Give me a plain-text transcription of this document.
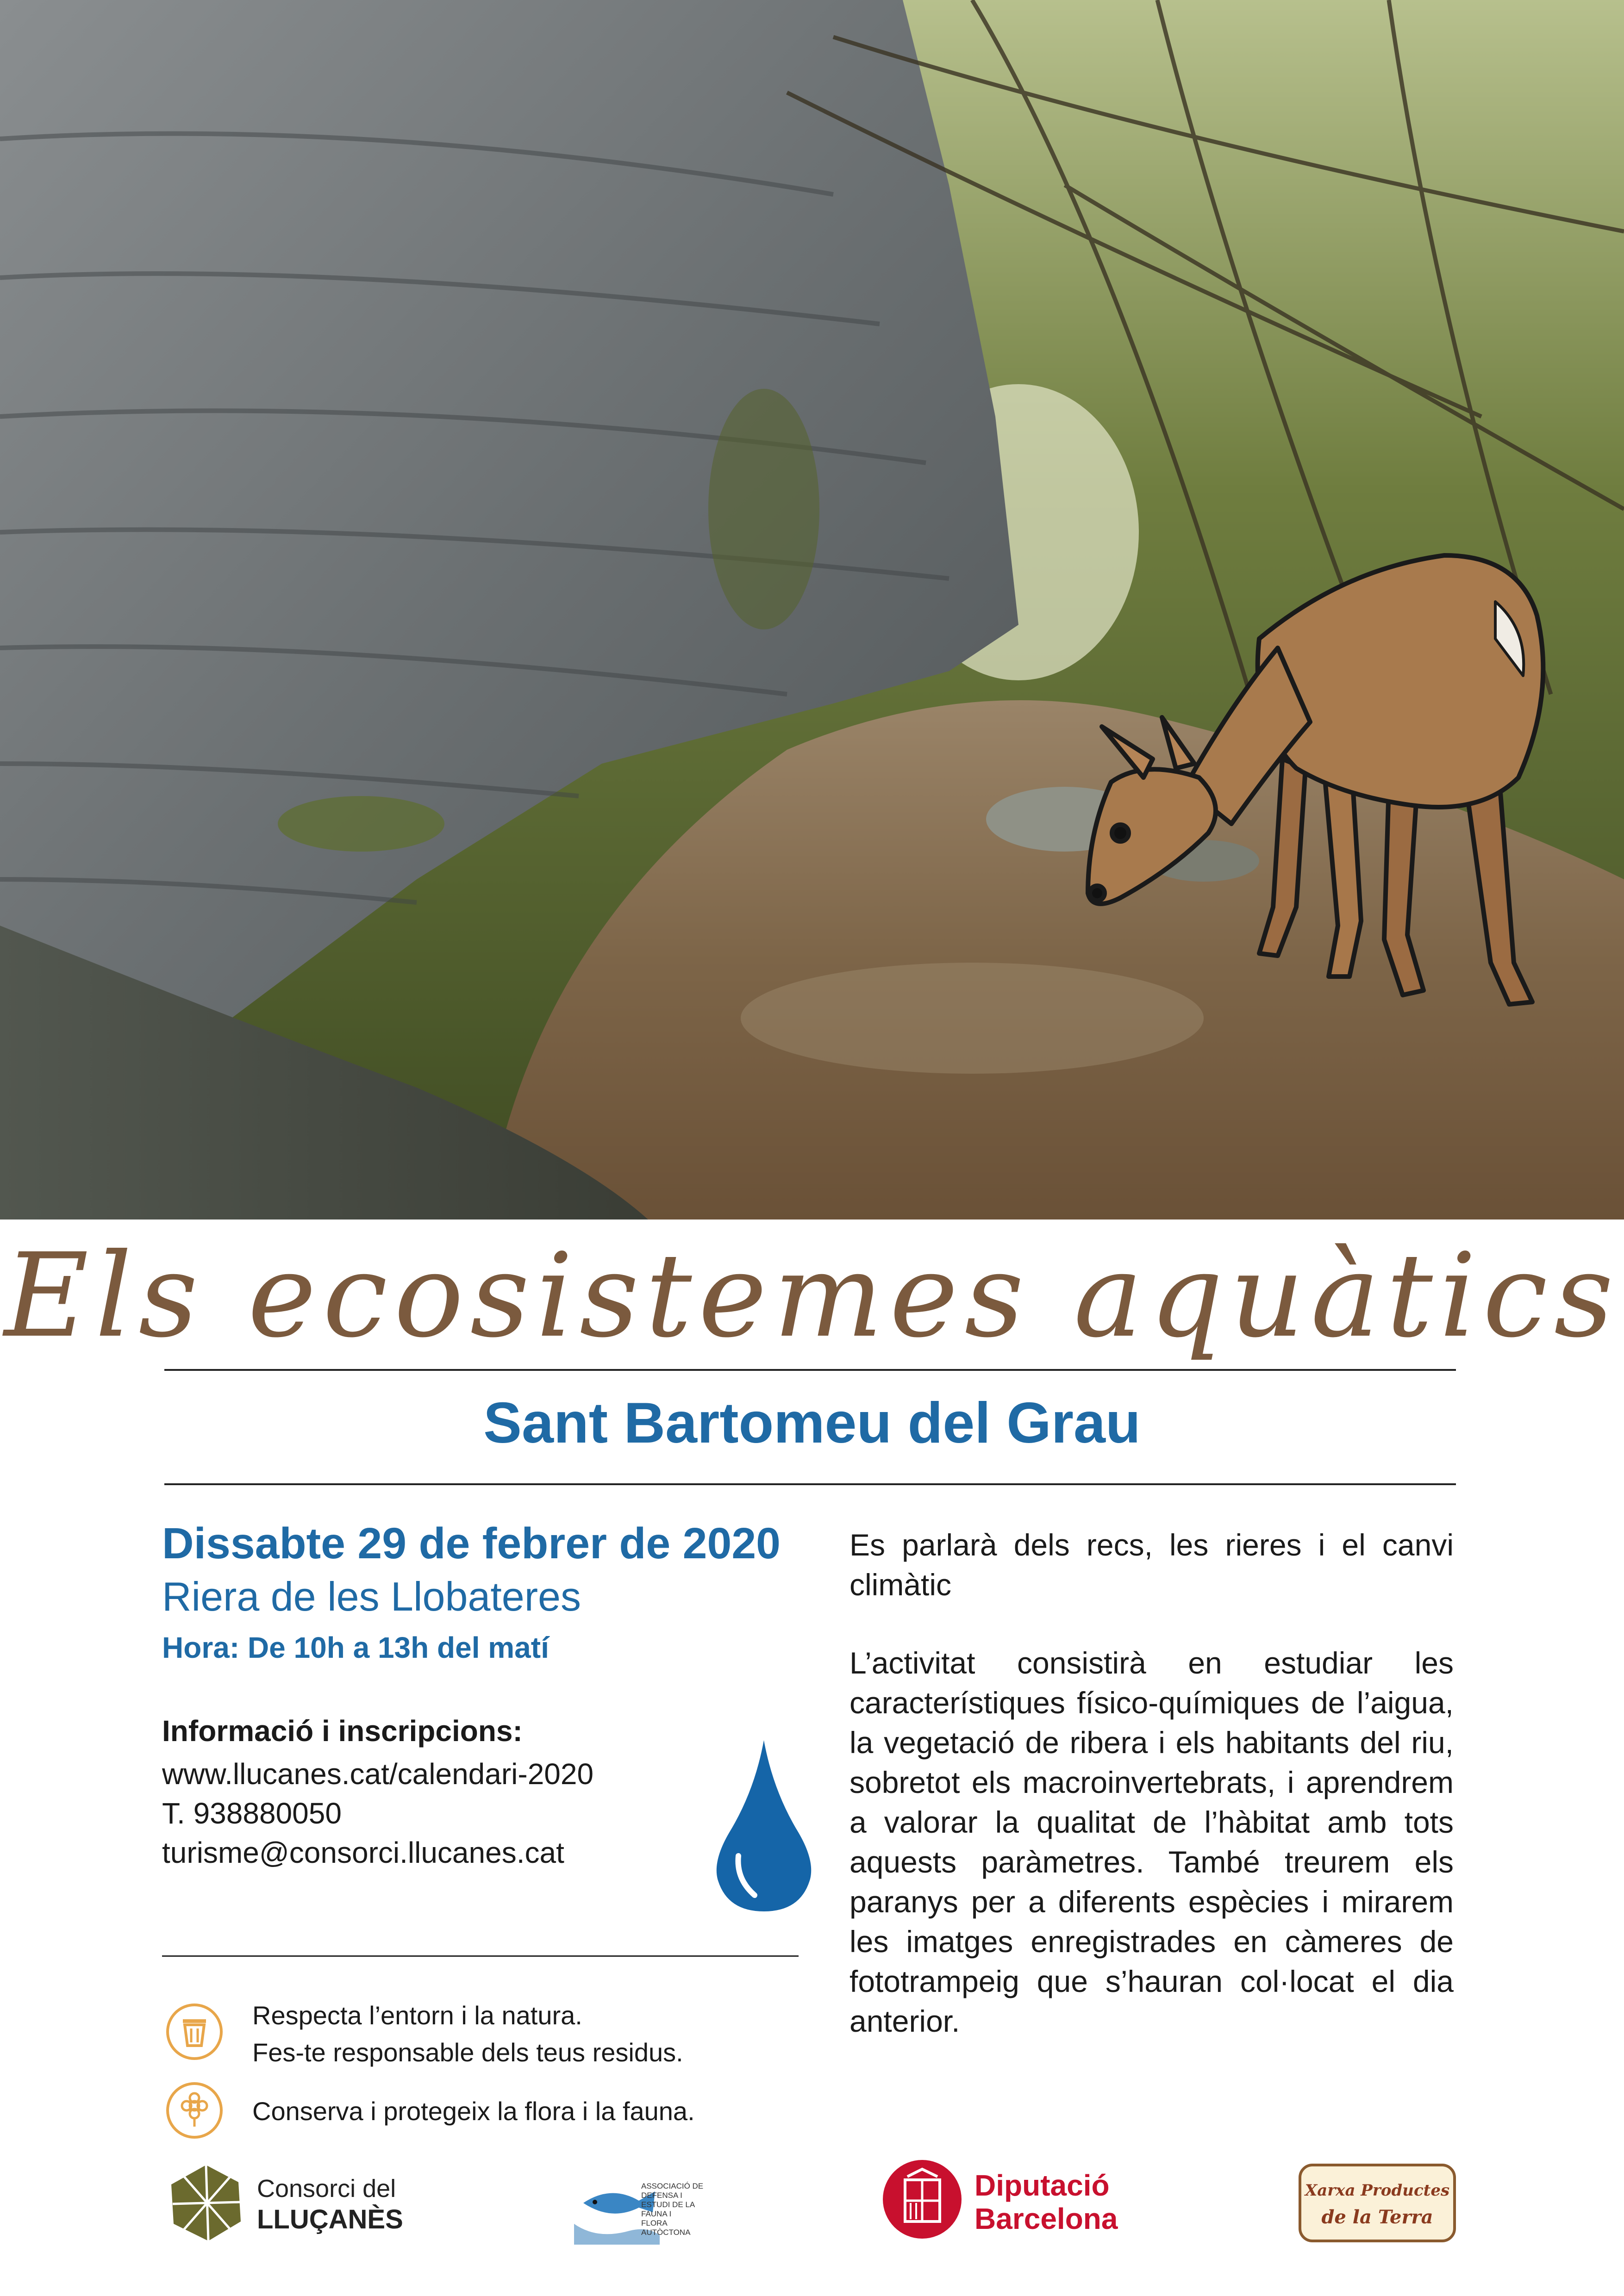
Els ecosistemes aquàtics
Sant Bartomeu del Grau
Dissabte 29 de febrer de 2020
Riera de les Llobateres
Hora: De 10h a 13h del matí
Informació i inscripcions:
www.llucanes.cat/calendari-2020
T. 938880050
turisme@consorci.llucanes.cat
Respecta l’entorn i la natura.
Fes-te responsable dels teus residus.
Conserva i protegeix la flora i la fauna.
Es parlarà dels recs, les rieres i el canvi climàtic
L’activitat consistirà en estudiar les característiques físico-químiques de l’aigua, la vegetació de ribera i els habitants del riu, sobretot els macroinvertebrats, i aprendrem a valorar la qualitat de l’hàbitat amb tots aquests paràmetres. També treurem els paranys per a diferents espècies i mirarem les imatges enregistrades en càmeres de fototrampeig que s’hauran col·locat el dia anterior.
Consorci del
LLUÇANÈS
ASSOCIACIÓ DE
DEFENSA I
ESTUDI DE LA
FAUNA I
FLORA
AUTÒCTONA
Diputació
Barcelona
Xarxa Productes
de la Terra
